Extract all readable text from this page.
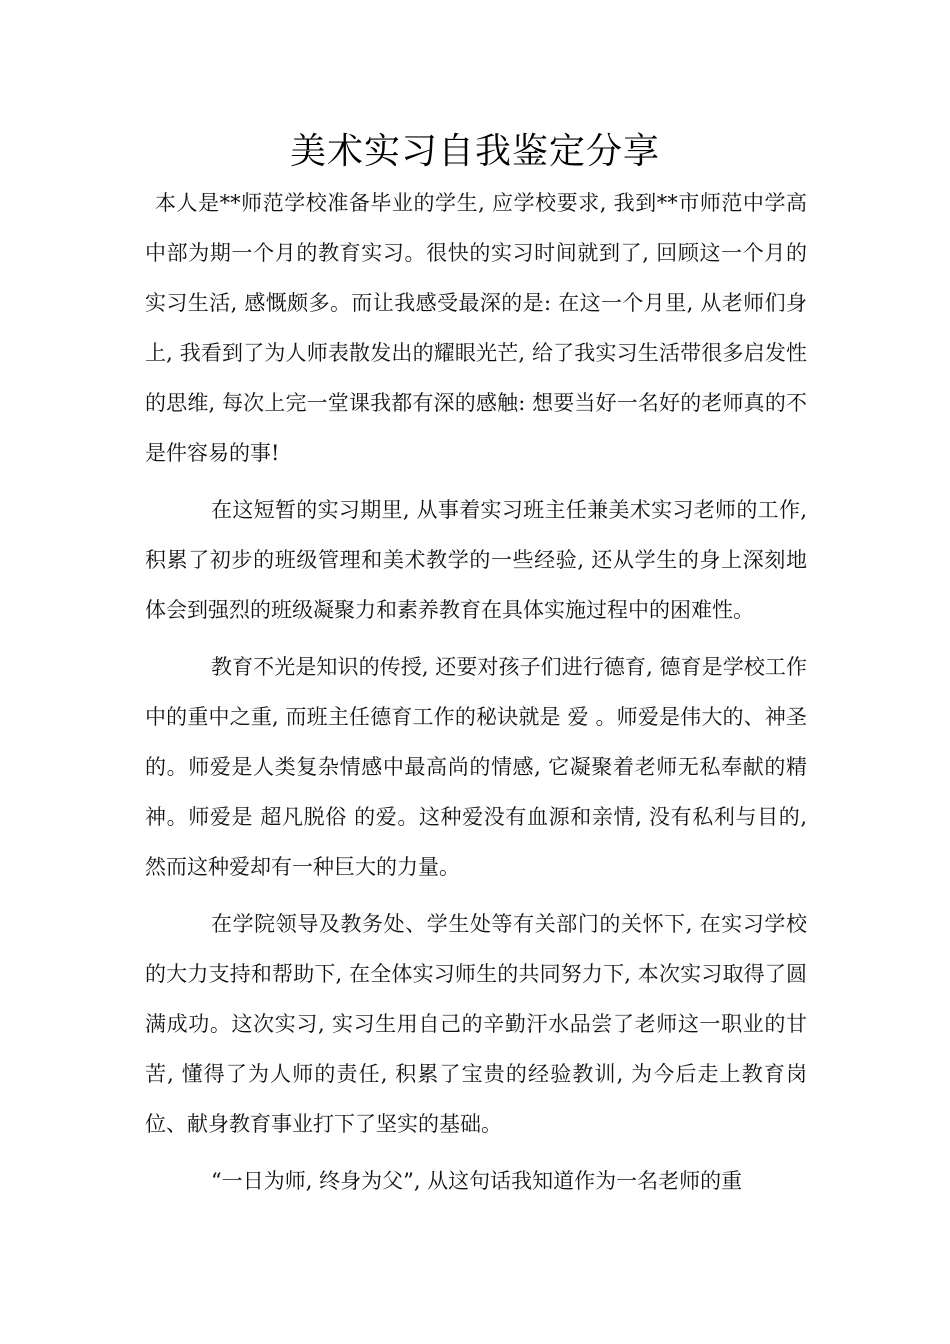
美术实习自我鉴定分享

本人是**师范学校准备毕业的学生, 应学校要求, 我到**市师范中学高中部为期一个月的教育实习。很快的实习时间就到了, 回顾这一个月的实习生活, 感慨颇多。而让我感受最深的是: 在这一个月里, 从老师们身上, 我看到了为人师表散发出的耀眼光芒, 给了我实习生活带很多启发性的思维, 每次上完一堂课我都有深的感触: 想要当好一名好的老师真的不是件容易的事!

在这短暂的实习期里, 从事着实习班主任兼美术实习老师的工作, 积累了初步的班级管理和美术教学的一些经验, 还从学生的身上深刻地体会到强烈的班级凝聚力和素养教育在具体实施过程中的困难性。

教育不光是知识的传授, 还要对孩子们进行德育, 德育是学校工作中的重中之重, 而班主任德育工作的秘诀就是 爱 。师爱是伟大的、神圣的。师爱是人类复杂情感中最高尚的情感, 它凝聚着老师无私奉献的精神。师爱是 超凡脱俗 的爱。这种爱没有血源和亲情, 没有私利与目的, 然而这种爱却有一种巨大的力量。

在学院领导及教务处、学生处等有关部门的关怀下, 在实习学校的大力支持和帮助下, 在全体实习师生的共同努力下, 本次实习取得了圆满成功。这次实习, 实习生用自己的辛勤汗水品尝了老师这一职业的甘苦, 懂得了为人师的责任, 积累了宝贵的经验教训, 为今后走上教育岗位、献身教育事业打下了坚实的基础。

“一日为师, 终身为父”, 从这句话我知道作为一名老师的重
